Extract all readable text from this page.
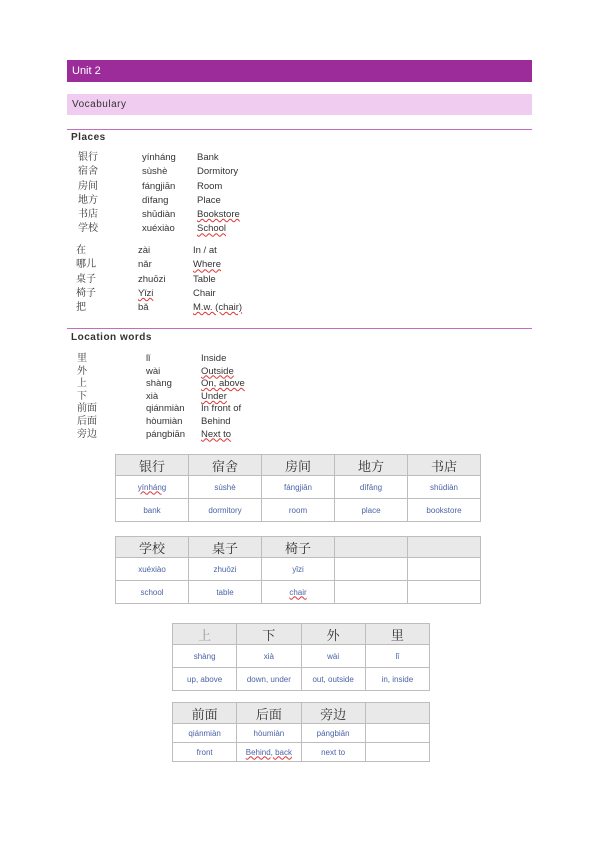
Unit 2
Vocabulary
Places
银行	yínháng Bank
宿舍	sùshè	Dormitory
房间	fángjiān Room
地方	dìfang	Place
书店	shūdiàn Bookstore
学校	xuéxiào School
在	zài	In / at
哪儿	nǎr	Where
桌子	zhuōzi	Table
椅子	Yǐzi	Chair
把	bǎ	M.w. (chair)
Location words
里	lǐ	Inside
外	wài	Outside
上	shàng	On, above
下	xià	Under
前面	qiánmiàn In front of
后面	hòumiàn Behind
旁边	pángbiān Next to
银行	宿舍	房间	地方	书店
yínháng	sùshè	fángjiān	dìfāng	shūdiàn
bank	dormitory	room	place	bookstore
学校	桌子	椅子		
xuéxiào	zhuōzi	yǐzi		
school	table	chair		
上	下	外	里
shàng	xià	wài	lǐ
up, above	down, under	out, outside	in, inside
前面	后面	旁边	
qiánmiàn	hòumiàn	pángbiān	
front	Behind, back	next to	
